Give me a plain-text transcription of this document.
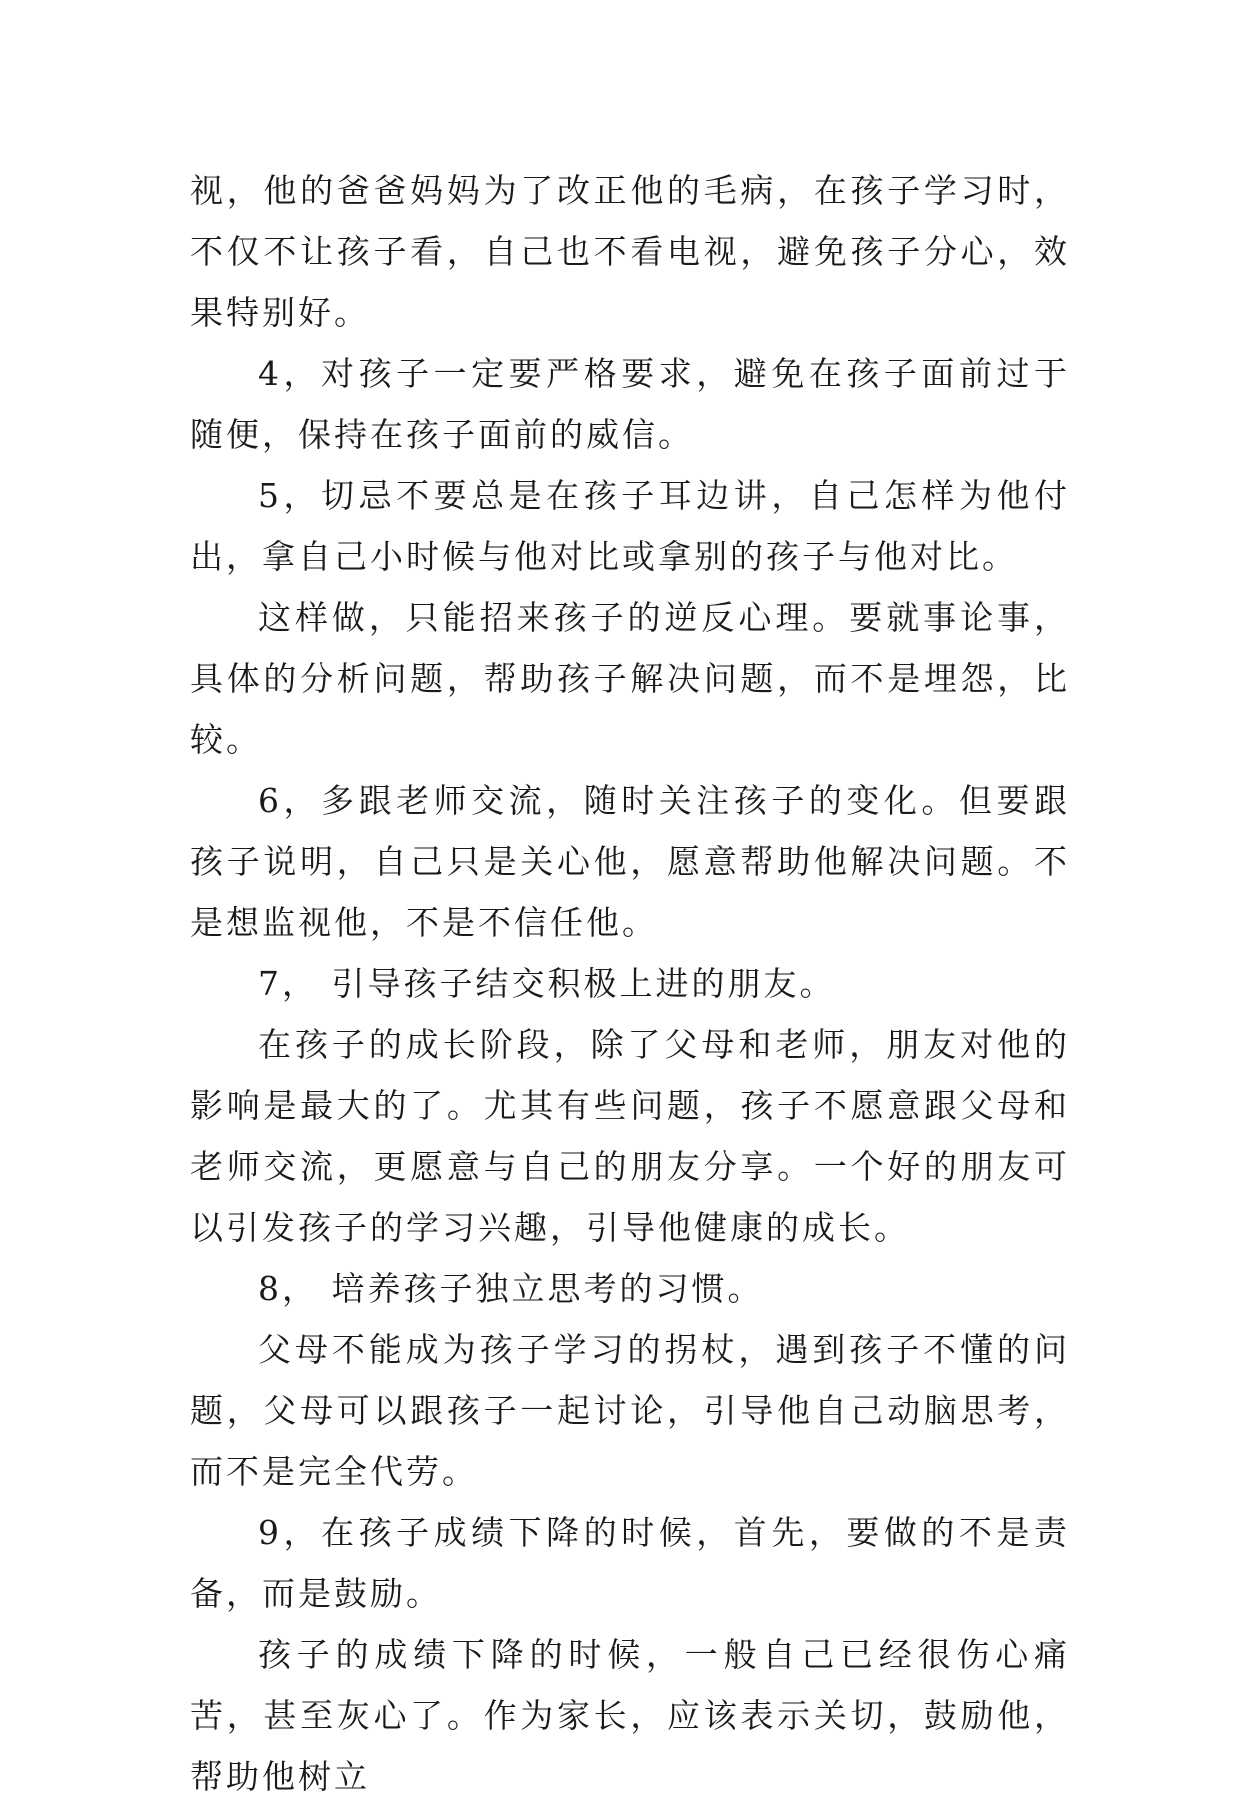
视，他的爸爸妈妈为了改正他的毛病，在孩子学习时，不仅不让孩子看，自己也不看电视，避免孩子分心，效果特别好。

4，对孩子一定要严格要求，避免在孩子面前过于随便，保持在孩子面前的威信。

5，切忌不要总是在孩子耳边讲，自己怎样为他付出，拿自己小时候与他对比或拿别的孩子与他对比。

这样做，只能招来孩子的逆反心理。要就事论事，具体的分析问题，帮助孩子解决问题，而不是埋怨，比较。

6，多跟老师交流，随时关注孩子的变化。但要跟孩子说明，自己只是关心他，愿意帮助他解决问题。不是想监视他，不是不信任他。

7， 引导孩子结交积极上进的朋友。

在孩子的成长阶段，除了父母和老师，朋友对他的影响是最大的了。尤其有些问题，孩子不愿意跟父母和老师交流，更愿意与自己的朋友分享。一个好的朋友可以引发孩子的学习兴趣，引导他健康的成长。

8， 培养孩子独立思考的习惯。

父母不能成为孩子学习的拐杖，遇到孩子不懂的问题，父母可以跟孩子一起讨论，引导他自己动脑思考，而不是完全代劳。

9，在孩子成绩下降的时候，首先，要做的不是责备，而是鼓励。

孩子的成绩下降的时候，一般自己已经很伤心痛苦，甚至灰心了。作为家长，应该表示关切，鼓励他，帮助他树立
